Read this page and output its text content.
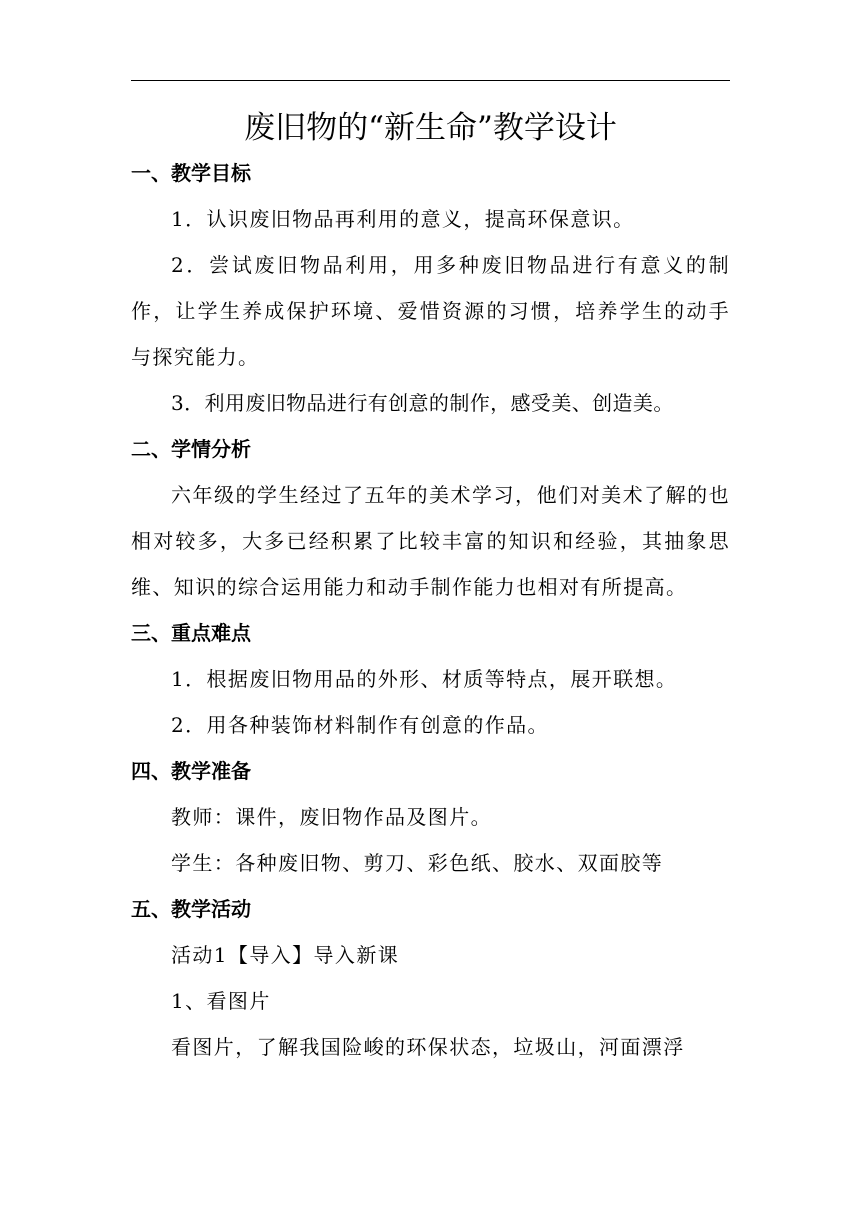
废旧物的“新生命”教学设计
一、教学目标
1．认识废旧物品再利用的意义，提高环保意识。
2．尝试废旧物品利用，用多种废旧物品进行有意义的制作，让学生养成保护环境、爱惜资源的习惯，培养学生的动手与探究能力。
3．利用废旧物品进行有创意的制作，感受美、创造美。
二、学情分析
六年级的学生经过了五年的美术学习，他们对美术了解的也相对较多，大多已经积累了比较丰富的知识和经验，其抽象思维、知识的综合运用能力和动手制作能力也相对有所提高。
三、重点难点
1．根据废旧物用品的外形、材质等特点，展开联想。
2．用各种装饰材料制作有创意的作品。
四、教学准备
教师：课件，废旧物作品及图片。
学生：各种废旧物、剪刀、彩色纸、胶水、双面胶等
五、教学活动
活动1【导入】导入新课
1、看图片
看图片，了解我国险峻的环保状态，垃圾山，河面漂浮
